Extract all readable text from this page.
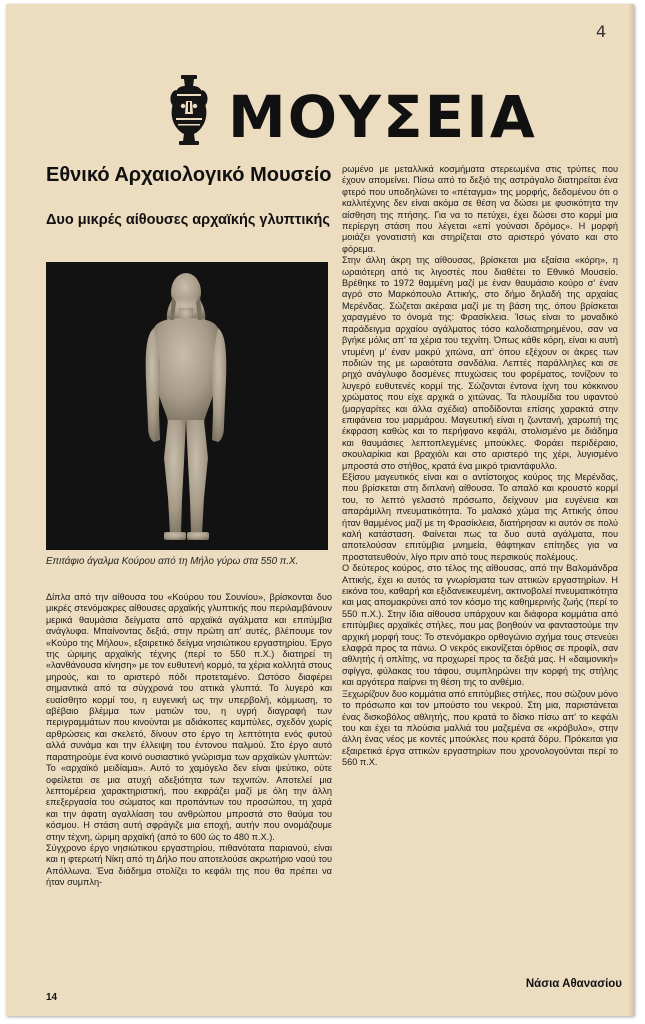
4
ΜΟΥΣΕΙΑ
Εθνικό Αρχαιολογικό Μουσείο
Δυο μικρές αίθουσες αρχαϊκής γλυπτικής
Επιτάφιο άγαλμα Κούρου από τη Μήλο γύρω στα 550 π.Χ.

Δίπλα από την αίθουσα του «Κούρου του Σουνίου», βρίσκονται δυο μικρές στενόμακρες αίθουσες αρχαϊκής γλυπτικής που περιλαμβάνουν μερικά θαυμάσια δείγματα από αρχαϊκά αγάλματα και επιτύμβια ανάγλυφα. Μπαίνοντας δεξιά, στην πρώτη απ' αυτές, βλέπουμε τον «Κούρο της Μήλου», εξαιρετικό δείγμα νησιώτικου εργαστηρίου. Έργο της ώριμης αρχαϊκής τέχνης (περί το 550 π.Χ.) διατηρεί τη «λανθάνουσα κίνηση» με τον ευθυτενή κορμό, τα χέρια κολλητά στους μηρούς, και το αριστερό πόδι προτεταμένο. Ωστόσο διαφέρει σημαντικά από τα σύγχρονά του αττικά γλυπτά. Το λυγερό και ευαίσθητο κορμί του, η ευγενική ως την υπερβολή, κόμμωση, το αβέβαιο βλέμμα των ματιών του, η υγρή διαγραφή των περιγραμμάτων που κινούνται με αδιάκοπες καμπύλες, σχεδόν χωρίς αρθρώσεις και σκελετό, δίνουν στο έργο τη λεπτότητα ενός φυτού αλλά συνάμα και την έλλειψη του έντονου παλμού. Στο έργο αυτό παρατηρούμε ένα κοινό ουσιαστικό γνώρισμα των αρχαϊκών γλυπτών: Το «αρχαϊκό μειδίαμα». Αυτό το χαμόγελο δεν είναι ψεύτικο, ούτε οφείλεται σε μια ατυχή αδεξιότητα των τεχνιτών. Αποτελεί μια λεπτομέρεια χαρακτηριστική, που εκφράζει μαζί με όλη την άλλη επεξεργασία του σώματος και προπάντων του προσώπου, τη χαρά και την άφατη αγαλλίαση του ανθρώπου μπροστά στο θαύμα του κόσμου. Η στάση αυτή σφράγιζε μια εποχή, αυτήν που ονομάζουμε στην τέχνη, ώριμη αρχαϊκή (από το 600 ώς το 480 π.Χ.).

Σύγχρονο έργο νησιώτικου εργαστηρίου, πιθανότατα παριανού, είναι και η φτερωτή Νίκη από τη Δήλο που αποτελούσε ακρωτήριο ναού του Απόλλωνα. Ένα διάδημα στολίζει το κεφάλι της που θα πρέπει να ήταν συμπλη-

ρωμένο με μεταλλικά κοσμήματα στερεωμένα στις τρύπες που έχουν απομείνει. Πίσω από το δεξιό της αστράγαλο διατηρείται ένα φτερό που υποδηλώνει το «πέταγμα» της μορφής, δεδομένου ότι ο καλλιτέχνης δεν είναι ακόμα σε θέση να δώσει με φυσικότητα την αίσθηση της πτήσης. Για να το πετύχει, έχει δώσει στο κορμί μια περίεργη στάση που λέγεται «επί γούνασι δρόμος». Η μορφή μοιάζει γονατιστή και στηρίζεται στο αριστερό γόνατο και στο φόρεμα.

Στην άλλη άκρη της αίθουσας, βρίσκεται μια εξαίσια «κόρη», η ωραιότερη από τις λιγοστές που διαθέτει το Εθνικό Μουσείο. Βρέθηκε το 1972 θαμμένη μαζί με έναν θαυμάσιο κούρο σ' έναν αγρό στο Μαρκόπουλο Αττικής, στο δήμο δηλαδή της αρχαίας Μερένδας. Σώζεται ακέραια μαζί με τη βάση της, όπου βρίσκεται χαραγμένο το όνομά της: Φρασίκλεια. Ίσως είναι το μοναδικό παράδειγμα αρχαίου αγάλματος τόσο καλοδιατηρημένου, σαν να βγήκε μόλις απ' τα χέρια του τεχνίτη. Όπως κάθε κόρη, είναι κι αυτή ντυμένη μ' έναν μακρύ χιτώνα, απ' όπου εξέχουν οι άκρες των ποδιών της με ωραιότατα σανδάλια. Λεπτές παράλληλες και σε ρηχό ανάγλυφο δοσμένες πτυχώσεις του φορέματος, τονίζουν το λυγερό ευθυτενές κορμί της. Σώζονται έντονα ίχνη του κόκκινου χρώματος που είχε αρχικά ο χιτώνας. Τα πλουμίδια του υφαντού (μαργαρίτες και άλλα σχέδια) αποδίδονται επίσης χαρακτά στην επιφάνεια του μαρμάρου. Μαγευτική είναι η ζωντανή, χαρωπή της έκφραση καθώς και το περήφανο κεφάλι, στολισμένο με διάδημα και θαυμάσιες λεπτοπλεγμένες μπούκλες. Φοράει περιδέραιο, σκουλαρίκια και βραχιόλι και στο αριστερό της χέρι, λυγισμένο μπροστά στο στήθος, κρατά ένα μικρό τριαντάφυλλο.

Εξίσου μαγευτικός είναι και ο αντίστοιχος κούρος της Μερένδας, που βρίσκεται στη διπλανή αίθουσα. Το απαλό και κρουστό κορμί του, το λεπτό γελαστό πρόσωπο, δείχνουν μια ευγένεια και απαράμιλλη πνευματικότητα. Το μαλακό χώμα της Αττικής όπου ήταν θαμμένος μαζί με τη Φρασίκλεια, διατήρησαν κι αυτόν σε πολύ καλή κατάσταση. Φαίνεται πως τα δυο αυτά αγάλματα, που αποτελούσαν επιτύμβια μνημεία, θάφτηκαν επίτηδες για να προστατευθούν, λίγο πριν από τους περσικούς πολέμους.

Ο δεύτερος κούρος, στο τέλος της αίθουσας, από την Βαλομάνδρα Αττικής, έχει κι αυτός τα γνωρίσματα των αττικών εργαστηρίων. Η εικόνα του, καθαρή και εξιδανεικευμένη, ακτινοβολεί πνευματικότητα και μας απομακρύνει από τον κόσμο της καθημερινής ζωής (περί το 550 π.Χ.). Στην ίδια αίθουσα υπάρχουν και διάφορα κομμάτια από επιτύμβιες αρχαϊκές στήλες, που μας βοηθούν να φανταστούμε την αρχική μορφή τους: Το στενόμακρο ορθογώνιο σχήμα τους στενεύει ελαφρά προς τα πάνω. Ο νεκρός εικονίζεται όρθιος σε προφίλ, σαν αθλητής ή οπλίτης, να προχωρεί προς τα δεξιά μας. Η «δαιμονική» σφίγγα, φύλακας του τάφου, συμπληρώνει την κορφή της στήλης και αργότερα παίρνει τη θέση της το ανθέμιο.

Ξεχωρίζουν δυο κομμάτια από επιτύμβιες στήλες, που σώζουν μόνο το πρόσωπο και τον μπούστο του νεκρού. Στη μια, παριστάνεται ένας δισκοβόλος αθλητής, που κρατά το δίσκο πίσω απ' το κεφάλι του και έχει τα πλούσια μαλλιά του μαζεμένα σε «κρόβυλο», στην άλλη ένας νέος με κοντές μπούκλες που κρατά δόρυ. Πρόκειται για εξαιρετικά έργα αττικών εργαστηρίων που χρονολογούνται περί το 560 π.Χ.

Νάσια Αθανασίου
14
